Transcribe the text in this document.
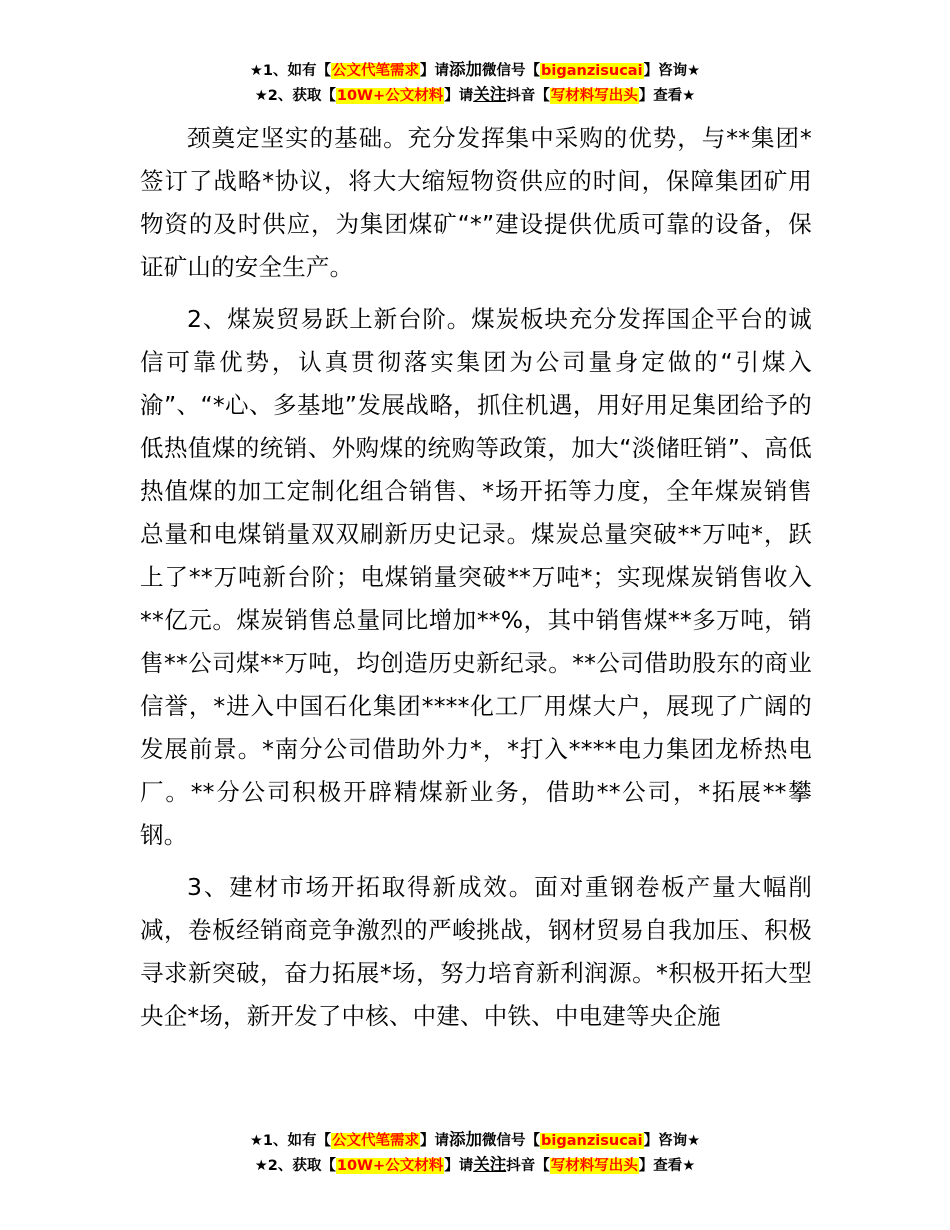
★1、如有【公文代笔需求】请添加微信号【biganzisucai】咨询★
★2、获取【10W+公文材料】请关注抖音【写材料写出头】查看★

颈奠定坚实的基础。充分发挥集中采购的优势，与**集团*签订了战略*协议，将大大缩短物资供应的时间，保障集团矿用物资的及时供应，为集团煤矿“*”建设提供优质可靠的设备，保证矿山的安全生产。

2、煤炭贸易跃上新台阶。煤炭板块充分发挥国企平台的诚信可靠优势，认真贯彻落实集团为公司量身定做的“引煤入渝”、“*心、多基地”发展战略，抓住机遇，用好用足集团给予的低热值煤的统销、外购煤的统购等政策，加大“淡储旺销”、高低热值煤的加工定制化组合销售、*场开拓等力度，全年煤炭销售总量和电煤销量双双刷新历史记录。煤炭总量突破**万吨*，跃上了**万吨新台阶；电煤销量突破**万吨*；实现煤炭销售收入**亿元。煤炭销售总量同比增加**%，其中销售煤**多万吨，销售**公司煤**万吨，均创造历史新纪录。**公司借助股东的商业信誉，*进入中国石化集团****化工厂用煤大户，展现了广阔的发展前景。*南分公司借助外力*，*打入****电力集团龙桥热电厂。**分公司积极开辟精煤新业务，借助**公司，*拓展**攀钢。

3、建材市场开拓取得新成效。面对重钢卷板产量大幅削减，卷板经销商竞争激烈的严峻挑战，钢材贸易自我加压、积极寻求新突破，奋力拓展*场，努力培育新利润源。*积极开拓大型央企*场，新开发了中核、中建、中铁、中电建等央企施

★1、如有【公文代笔需求】请添加微信号【biganzisucai】咨询★
★2、获取【10W+公文材料】请关注抖音【写材料写出头】查看★
